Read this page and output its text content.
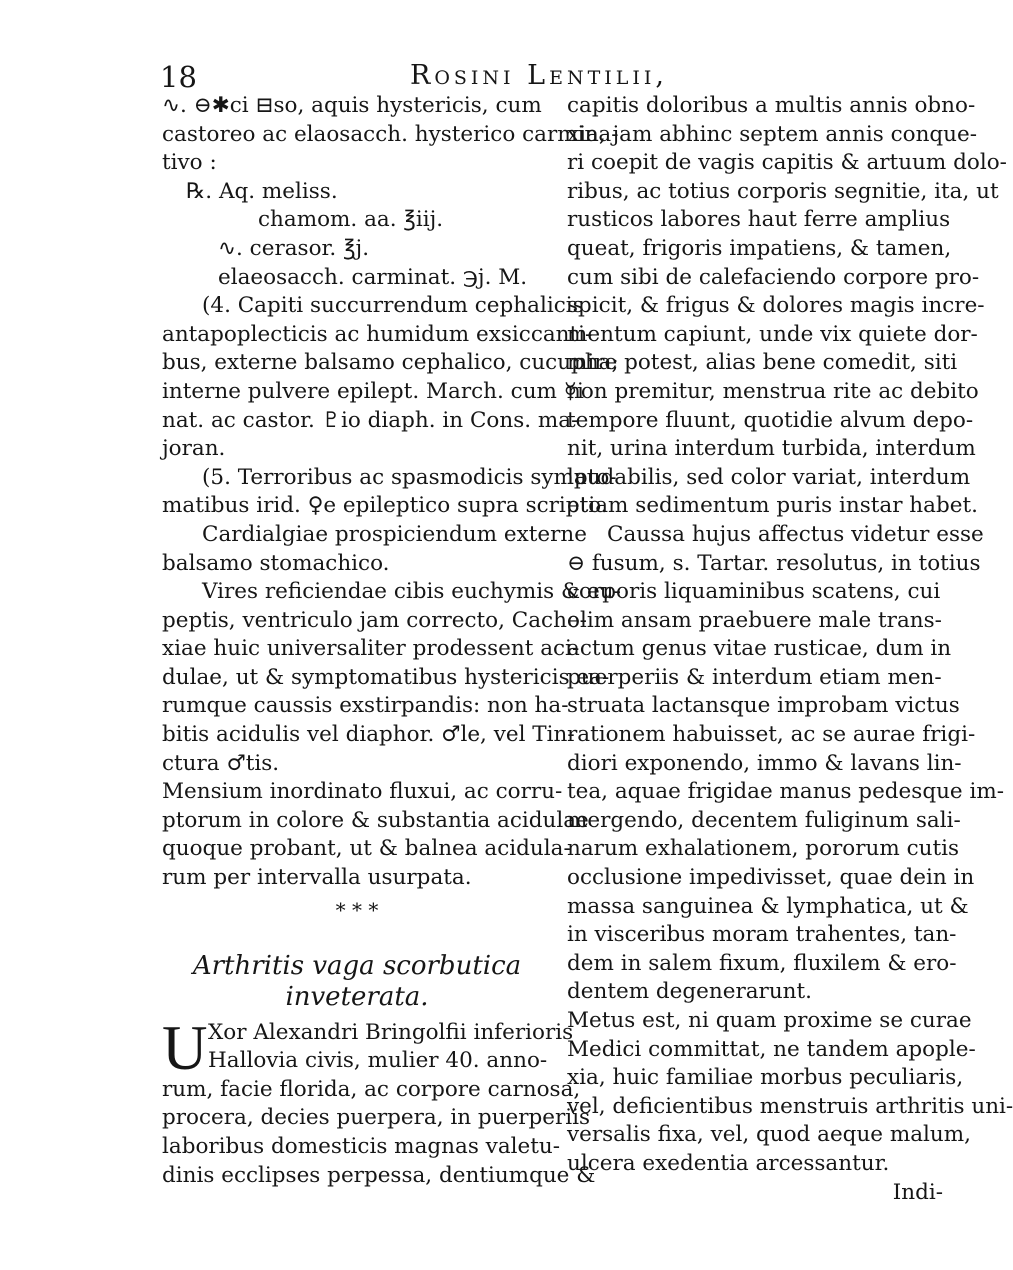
18	Rosini Lentilii,
∿. ⊖✱ci ⊟so, aquis hystericis, cum
castoreo ac elaosacch. hysterico carmina-
tivo :
℞. Aq. meliss.
chamom. aa. ℥iij.
∿. cerasor. ℥j.
elaeosacch. carminat. ℈j. M.
(4. Capiti succurrendum cephalicis
antapoplecticis ac humidum exsiccanti-
bus, externe balsamo cephalico, cucupha;
interne pulvere epilept. March. cum ☿i
nat. ac castor. ♇io diaph. in Cons. ma-
joran.
(5. Terroribus ac spasmodicis sympto-
matibus irid. ♀e epileptico supra scripto.
Cardialgiae prospiciendum externe
balsamo stomachico.
Vires reficiendae cibis euchymis & eu-
peptis, ventriculo jam correcto, Cache-
xiae huic universaliter prodessent aci-
dulae, ut & symptomatibus hystericis ea-
rumque caussis exstirpandis: non ha-
bitis acidulis vel diaphor. ♂le, vel Tin-
ctura ♂tis.
Mensium inordinato fluxui, ac corru-
ptorum in colore & substantia acidulae
quoque probant, ut & balnea acidula-
rum per intervalla usurpata.
* * *
Arthritis vaga scorbutica
inveterata.
U Xor Alexandri Bringolfii inferioris
Hallovia civis, mulier 40. anno-
rum, facie florida, ac corpore carnosa,
procera, decies puerpera, in puerperiis
laboribus domesticis magnas valetu-
dinis ecclipses perpessa, dentiumque &
capitis doloribus a multis annis obno-
xia, jam abhinc septem annis conque-
ri coepit de vagis capitis & artuum dolo-
ribus, ac totius corporis segnitie, ita, ut
rusticos labores haut ferre amplius
queat, frigoris impatiens, & tamen,
cum sibi de calefaciendo corpore pro-
spicit, & frigus & dolores magis incre-
mentum capiunt, unde vix quiete dor-
mire potest, alias bene comedit, siti
non premitur, menstrua rite ac debito
tempore fluunt, quotidie alvum depo-
nit, urina interdum turbida, interdum
laudabilis, sed color variat, interdum
etiam sedimentum puris instar habet.
Caussa hujus affectus videtur esse
⊖ fusum, s. Tartar. resolutus, in totius
corporis liquaminibus scatens, cui
olim ansam praebuere male trans-
actum genus vitae rusticae, dum in
puerperiis & interdum etiam men-
struata lactansque improbam victus
rationem habuisset, ac se aurae frigi-
diori exponendo, immo & lavans lin-
tea, aquae frigidae manus pedesque im-
mergendo, decentem fuliginum sali-
narum exhalationem, pororum cutis
occlusione impedivisset, quae dein in
massa sanguinea & lymphatica, ut &
in visceribus moram trahentes, tan-
dem in salem fixum, fluxilem & ero-
dentem degenerarunt.
Metus est, ni quam proxime se curae
Medici committat, ne tandem apople-
xia, huic familiae morbus peculiaris,
vel, deficientibus menstruis arthritis uni-
versalis fixa, vel, quod aeque malum,
ulcera exedentia arcessantur.
Indi-
